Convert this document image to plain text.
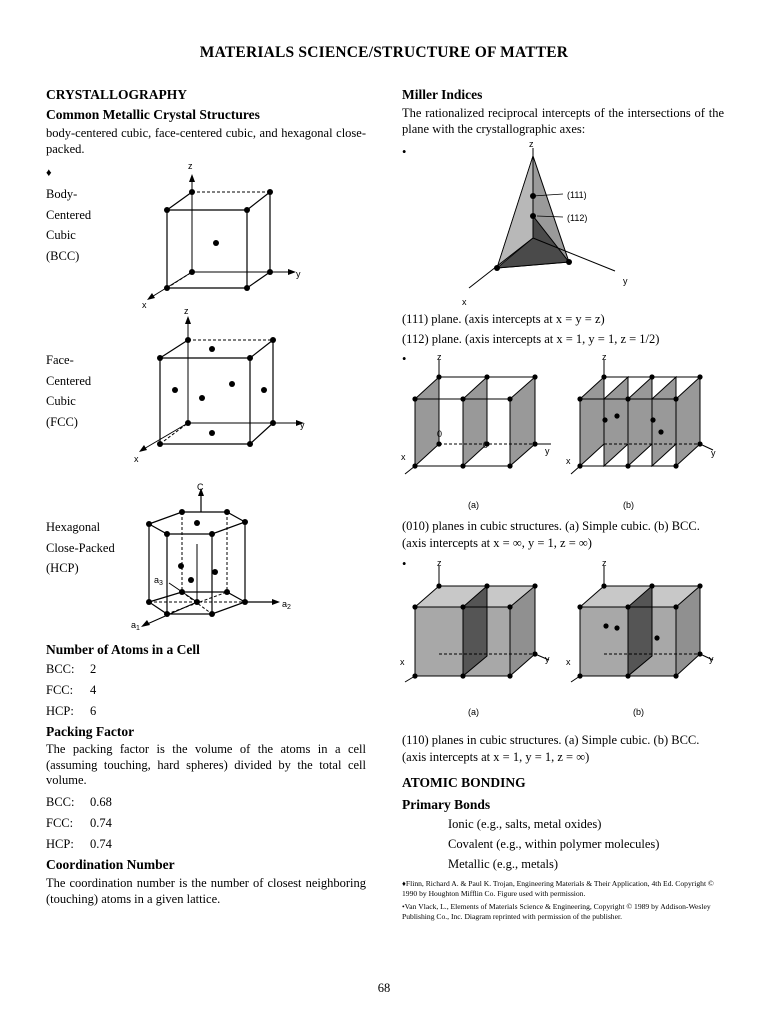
MATERIALS SCIENCE/STRUCTURE OF MATTER
CRYSTALLOGRAPHY
Common Metallic Crystal Structures
body-centered cubic, face-centered cubic, and hexagonal close-packed.
♦
Body-
Centered
Cubic
(BCC)
Face-
Centered
Cubic
(FCC)
Hexagonal
Close-Packed
(HCP)
z
y
x
z
y
x
C
$a_2$
$a_1$
$a_3$
Number of Atoms in a Cell
BCC: 2
FCC: 4
HCP: 6
Packing Factor
The packing factor is the volume of the atoms in a cell (assuming touching, hard spheres) divided by the total cell volume.
BCC: 0.68
FCC: 0.74
HCP: 0.74
Coordination Number
The coordination number is the number of closest neighboring (touching) atoms in a given lattice.
Miller Indices
The rationalized reciprocal intercepts of the intersections of the plane with the crystallographic axes:
•
z
y
x
(111)
(112)
(111) plane. (axis intercepts at x = y = z)
(112) plane. (axis intercepts at x = 1, y = 1, z = 1/2)
•	z
y
x
0
0
(a)
z
y
x
(b)
(010) planes in cubic structures. (a) Simple cubic. (b) BCC.
(axis intercepts at x = ∞, y = 1, z = ∞)
•	z
y
x
(a)
z
y
x
(b)
(110) planes in cubic structures. (a) Simple cubic. (b) BCC.
(axis intercepts at x = 1, y = 1, z = ∞)
ATOMIC BONDING
Primary Bonds
Ionic (e.g., salts, metal oxides)
Covalent (e.g., within polymer molecules)
Metallic (e.g., metals)
♦Flinn, Richard A. & Paul K. Trojan, Engineering Materials & Their Application, 4th Ed. Copyright © 1990 by Houghton Mifflin Co. Figure used with permission.
•Van Vlack, L., Elements of Materials Science & Engineering, Copyright © 1989 by Addison-Wesley Publishing Co., Inc. Diagram reprinted with permission of the publisher.
68
